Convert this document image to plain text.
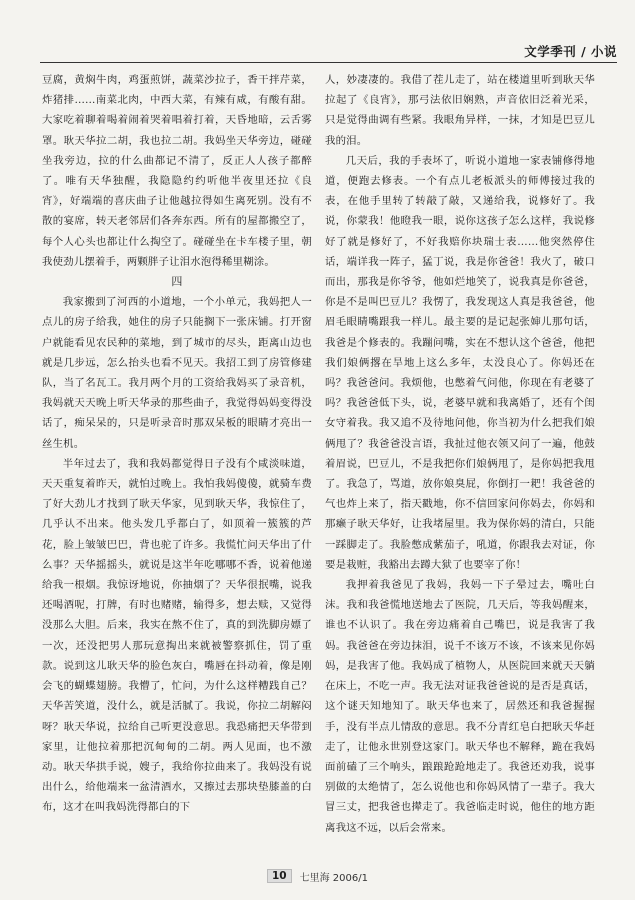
文学季刊 / 小说

豆腐，黄焖牛肉，鸡蛋煎饼，蔬菜沙拉子，香干拌芹菜，炸猪排……南菜北肉，中西大菜，有辣有咸，有酸有甜。大家吃着聊着喝着闹着哭着唱着打着，天昏地暗，云舌雾罩。耿天华拉二胡，我也拉二胡。我妈坐天华旁边，碰碰坐我旁边，拉的什么曲都记不清了，反正人人孩子都醉了。唯有天华独醒，我隐隐约约听他半夜里还拉《良宵》，好端端的喜庆曲子让他越拉得如生离死别。没有不散的宴席，转天老邻居们各奔东西。所有的屋都搬空了，每个人心头也都让什么掏空了。碰碰坐在卡车楼子里，朝我使劲儿摆着手，两颗胖子让泪水泡得稀里糊涂。

四

我家搬到了河西的小道地，一个小单元，我妈把人一点儿的房子给我，她住的房子只能搁下一张床铺。打开窗户就能看见农民种的菜地，到了城市的尽头，距离山边也就是几步远，怎么抬头也看不见天。我招工到了房管修建队，当了名瓦工。我月两个月的工资给我妈买了录音机，我妈就天天晚上听天华录的那些曲子，我觉得妈妈变得没话了，痴呆呆的，只是听录音时那双呆板的眼睛才亮出一丝生机。

半年过去了，我和我妈都觉得日子没有个咸淡味道，天天重复着昨天，就怕过晚上。我怕我妈傻傻，就骑车费了好大劲儿才找到了耿天华家，见到耿天华，我惊住了，几乎认不出来。他头发几乎都白了，如顶着一簇簇的芦花，脸上皱皱巴巴，背也驼了许多。我慌忙问天华出了什么事？天华摇摇头，就说是这半年吃哪哪不香，说着他递给我一根烟。我惊讶地说，你抽烟了？天华很抿嘴，说我还喝酒呢，打牌，有时也赌赌，输得多，想去赎，又觉得没那么大胆。后来，我实在熬不住了，真的到洗脚房嫖了一次，还没把男人那玩意掏出来就被警察抓住，罚了重款。说到这儿耿天华的脸色灰白，嘴唇在抖动着，像是刚会飞的蝴蝶翅膀。我懵了，忙问，为什么这样糟践自己？天华苦笑道，没什么，就是活腻了。我说，你拉二胡解闷呀？耿天华说，拉给自己听更没意思。我恐痛把天华带到家里，让他拉着那把沉甸甸的二胡。两人见面，也不激动。耿天华拱手说，嫂子，我给你拉曲来了。我妈没有说出什么，给他端来一盆清酒水，又擦过去那块垫膝盖的白布，这才在叫我妈洗得都白的下

人，妙凄凄的。我借了茬儿走了，站在楼道里听到耿天华拉起了《良宵》，那弓法依旧娴熟，声音依旧泛着光采，只是觉得曲调有些紧。我眼角异样，一抹，才知是巴豆儿我的泪。

几天后，我的手表坏了，听说小道地一家表铺修得地道，便跑去修表。一个有点儿老板派头的师傅接过我的表，在他手里转了转敲了敲，又递给我，说修好了。我说，你蒙我！他瞪我一眼，说你这孩子怎么这样，我说修好了就是修好了，不好我赔你块瑞士表……他突然停住话，端详我一阵子，猛丁说，我是你爸爸！我火了，破口而出，那我是你爷爷，他如烂地笑了，说我真是你爸爸，你是不是叫巴豆儿？我愣了，我发现这人真是我爸爸，他眉毛眼睛嘴跟我一样儿。最主要的是记起张婶儿那句话，我爸是个修表的。我蹦问嘴，实在不想认这个爸爸，他把我们娘俩撂在旱地上这么多年，太没良心了。你妈还在吗？我爸爸问。我烦他，也憋着气问他，你现在有老婆了吗？我爸爸低下头，说，老婆早就和我离婚了，还有个闺女守着我。我又追不及待地问他，你当初为什么把我们娘俩甩了？我爸爸没言语，我扯过他衣领又问了一遍，他鼓着眉说，巴豆儿，不是我把你们娘俩甩了，是你妈把我甩了。我急了，骂道，放你娘臭屁，你倒打一耙！我爸爸的气也炸上来了，指天戳地，你不信回家问你妈去，你妈和那癞子耿天华好，让我堵屋里。我为保你妈的清白，只能一踩脚走了。我脸憋成紫茄子，吼道，你跟我去对证，你要是栽赃，我豁出去蹲大狱了也要宰了你！

我押着我爸见了我妈，我妈一下子晕过去，嘴吐白沫。我和我爸慌地送地去了医院，几天后，等我妈醒来，谁也不认识了。我在旁边痛着自己嘴巴，说是我害了我妈。我爸爸在旁边抹泪，说千不该万不该，不该来见你妈妈，是我害了他。我妈成了植物人，从医院回来就天天躺在床上，不吃一声。我无法对证我爸爸说的是否是真话，这个谜天知地知了。耿天华也来了，居然还和我爸握握手，没有半点儿情敌的意思。我不分青红皂白把耿天华赶走了，让他永世别登这家门。耿天华也不解释，跪在我妈面前磕了三个响头，踉踉跄跄地走了。我爸还劝我，说事别做的太绝情了，怎么说他也和你妈风情了一辈子。我大冒三丈，把我爸也撵走了。我爸临走时说，他住的地方距离我这不远，以后会常来。

10	七里海 2006/1
